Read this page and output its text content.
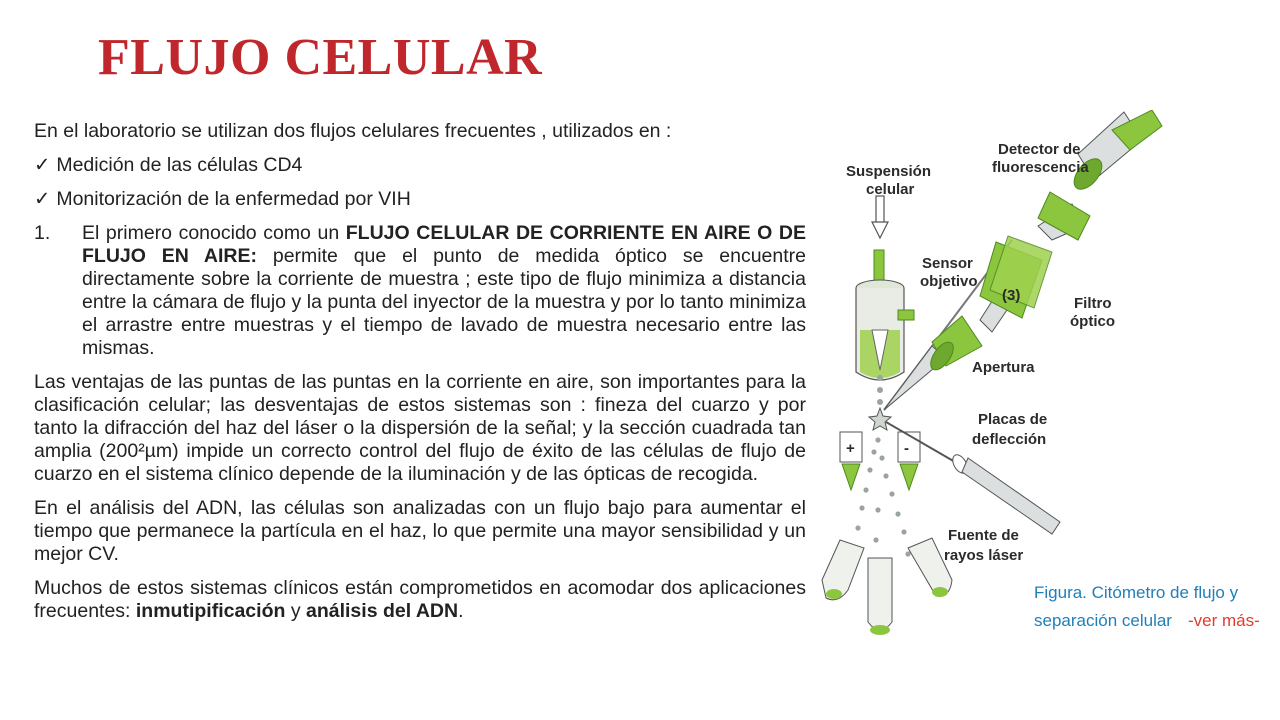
FLUJO CELULAR

En el laboratorio se utilizan dos flujos celulares frecuentes , utilizados en :

✓ Medición de las células CD4
✓ Monitorización de la enfermedad por VIH
1.	El primero conocido como un FLUJO CELULAR DE CORRIENTE EN AIRE O DE FLUJO EN AIRE: permite que el punto de medida óptico se encuentre directamente sobre la corriente de muestra ; este tipo de flujo minimiza a distancia entre la cámara de flujo y la punta del inyector de la muestra y por lo tanto minimiza el arrastre entre muestras y el tiempo de lavado de muestra necesario entre las mismas.

Las ventajas de las puntas de las puntas en la corriente en aire, son importantes para la clasificación celular; las desventajas de estos sistemas son : fineza del cuarzo y por tanto la difracción del haz del láser o la dispersión de la señal; y la sección cuadrada tan amplia (200²µm) impide un correcto control del flujo de éxito de las células de flujo de cuarzo en el sistema clínico depende de la iluminación y de las ópticas de recogida.

En el análisis del ADN, las células son analizadas con un flujo bajo para aumentar el tiempo que permanece la partícula en el haz, lo que permite una mayor sensibilidad y un mejor CV.

Muchos de estos sistemas clínicos están comprometidos en acomodar dos aplicaciones frecuentes: inmutipificación y análisis del ADN.

+	-
Suspensión
celular
Detector de
fluorescencia
Sensor
objetivo
(3)	Filtro
óptico
Apertura
Placas de
deflección
Fuente de
rayos láser
Figura. Citómetro de flujo y
separación celular -ver más-
